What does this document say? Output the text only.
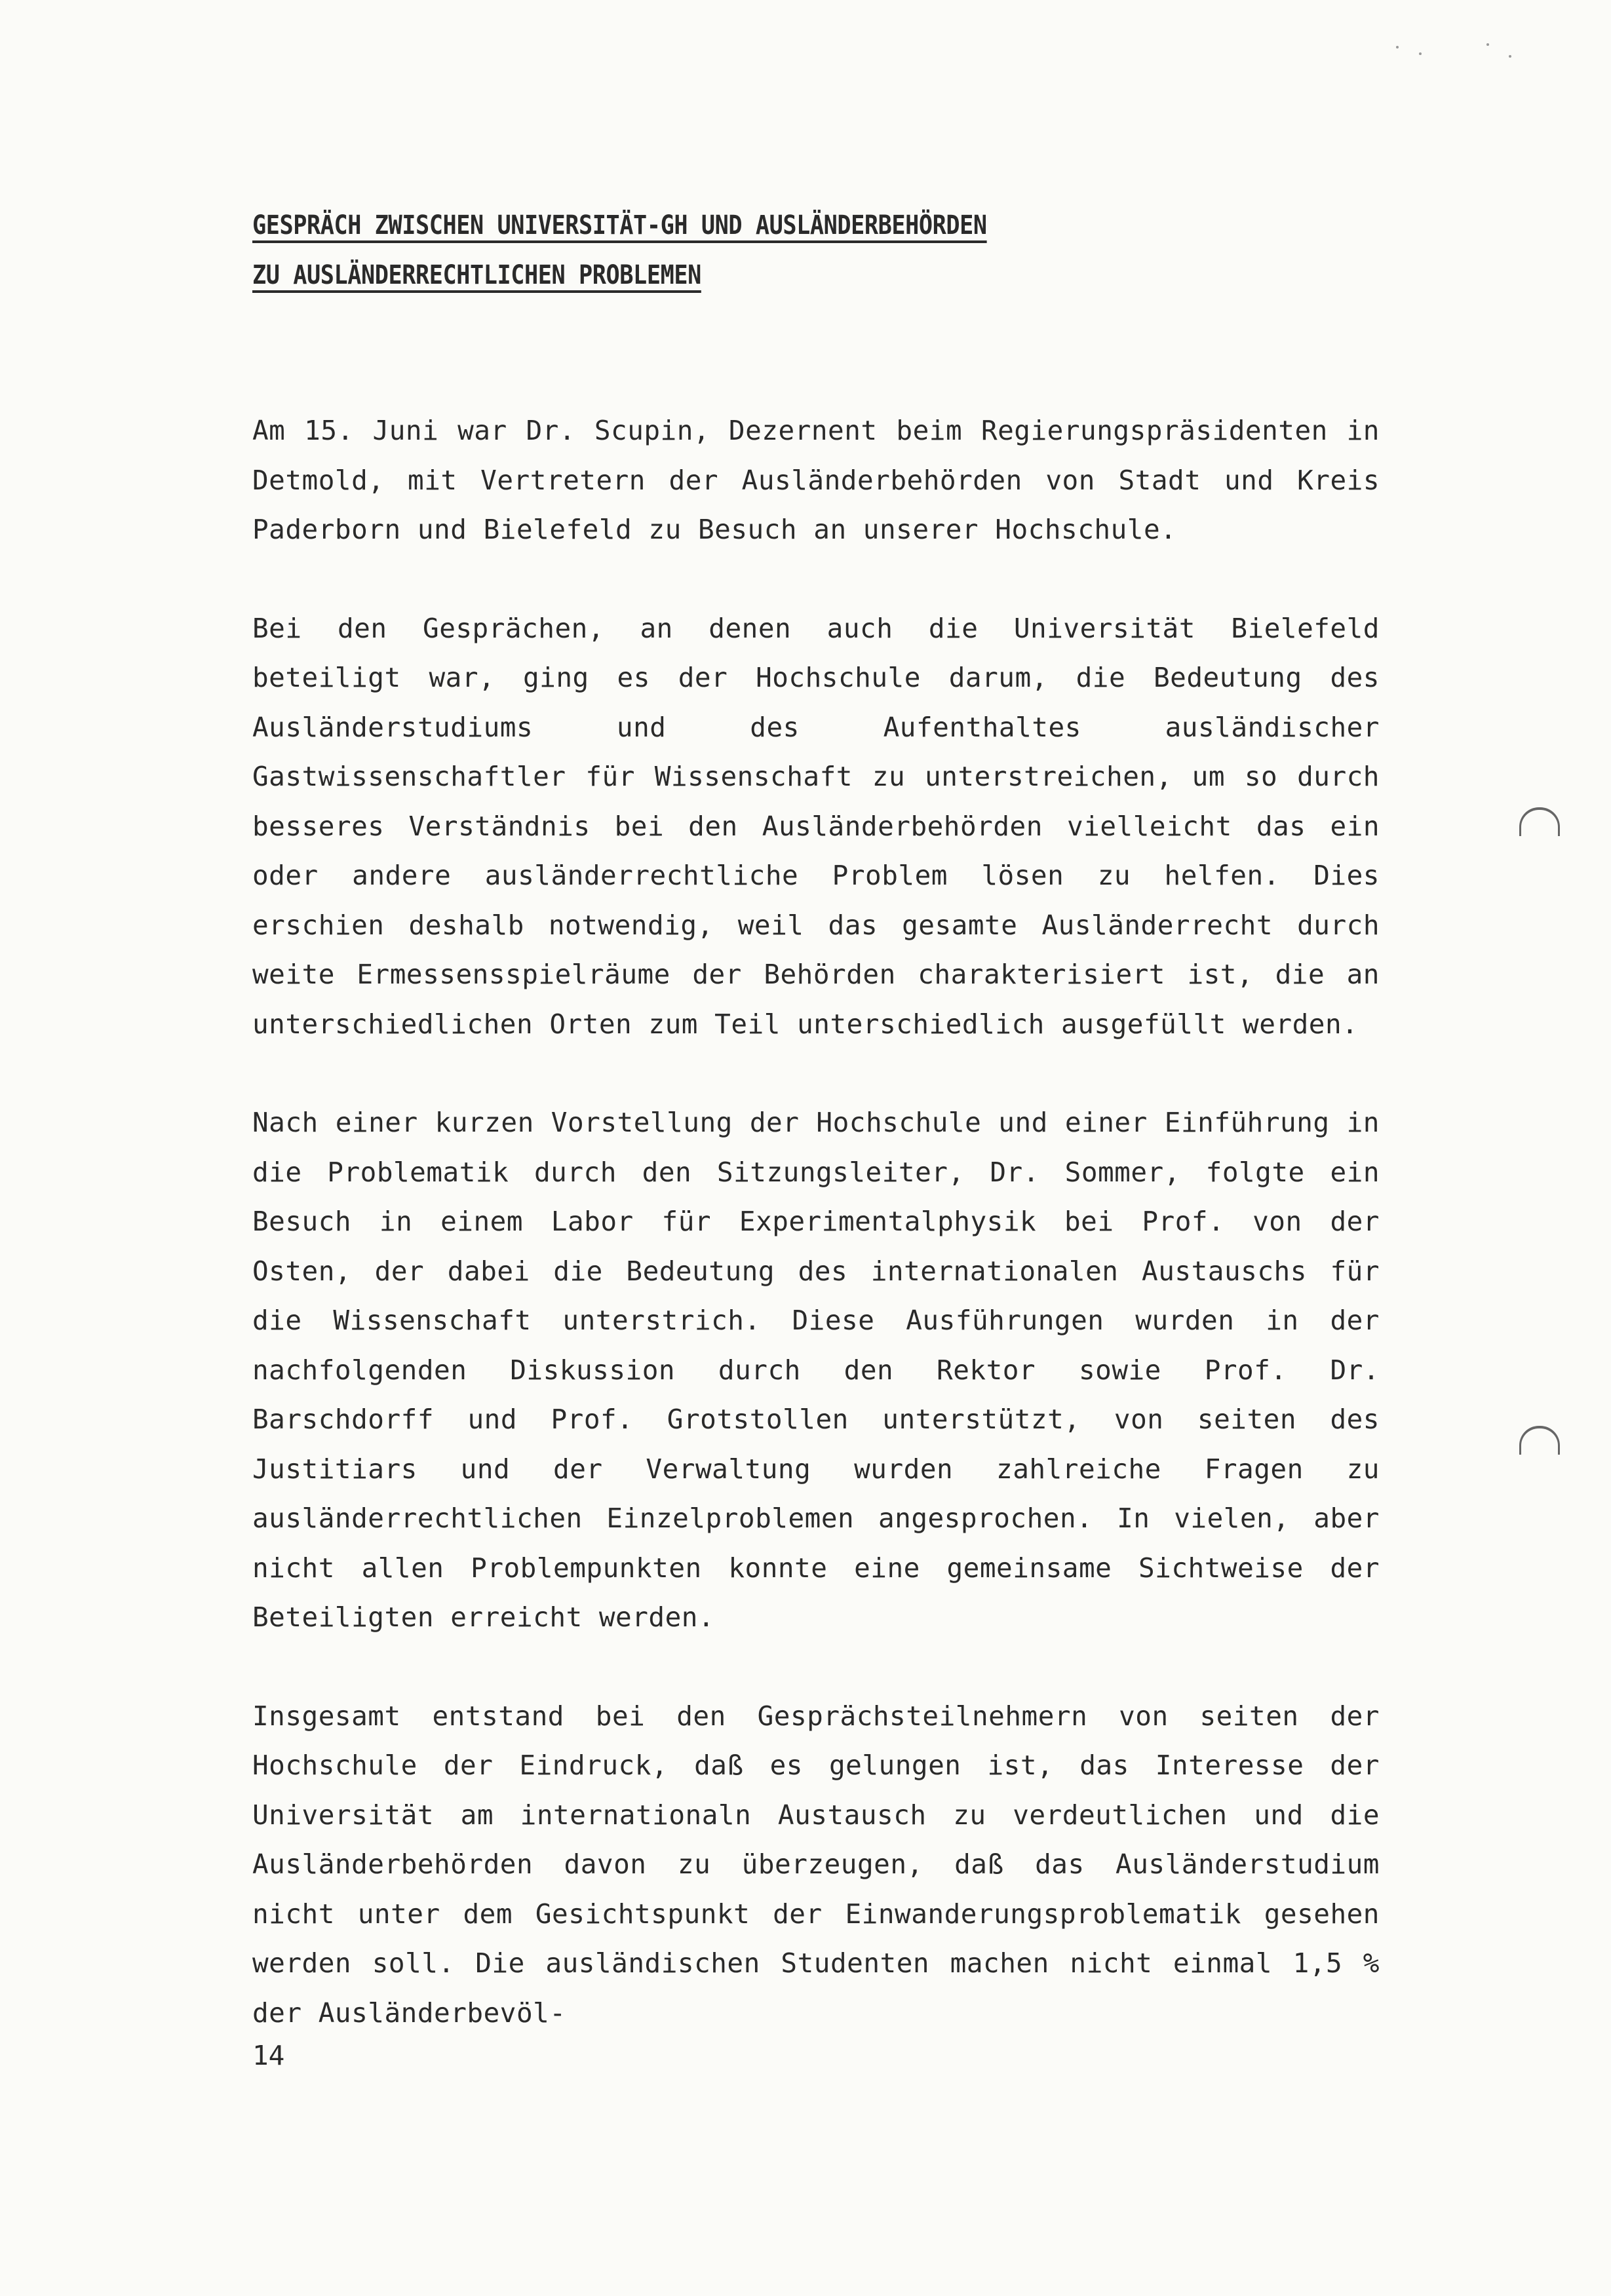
GESPRÄCH ZWISCHEN UNIVERSITÄT-GH UND AUSLÄNDERBEHÖRDEN
ZU AUSLÄNDERRECHTLICHEN PROBLEMEN

Am 15. Juni war Dr. Scupin, Dezernent beim Regierungspräsidenten in Detmold, mit Vertretern der Ausländerbehörden von Stadt und Kreis Paderborn und Bielefeld zu Besuch an unserer Hochschule.

Bei den Gesprächen, an denen auch die Universität Bielefeld beteiligt war, ging es der Hochschule darum, die Bedeutung des Ausländerstudiums und des Aufenthaltes ausländischer Gastwissenschaftler für Wissenschaft zu unterstreichen, um so durch besseres Verständnis bei den Ausländerbehörden vielleicht das ein oder andere ausländerrechtliche Problem lösen zu helfen. Dies erschien deshalb notwendig, weil das gesamte Ausländerrecht durch weite Ermessensspielräume der Behörden charakterisiert ist, die an unterschiedlichen Orten zum Teil unterschiedlich ausgefüllt werden.

Nach einer kurzen Vorstellung der Hochschule und einer Einführung in die Problematik durch den Sitzungsleiter, Dr. Sommer, folgte ein Besuch in einem Labor für Experimentalphysik bei Prof. von der Osten, der dabei die Bedeutung des internationalen Austauschs für die Wissenschaft unterstrich. Diese Ausführungen wurden in der nachfolgenden Diskussion durch den Rektor sowie Prof. Dr. Barschdorff und Prof. Grotstollen unterstützt, von seiten des Justitiars und der Verwaltung wurden zahlreiche Fragen zu ausländerrechtlichen Einzelproblemen angesprochen. In vielen, aber nicht allen Problempunkten konnte eine gemeinsame Sichtweise der Beteiligten erreicht werden.

Insgesamt entstand bei den Gesprächsteilnehmern von seiten der Hochschule der Eindruck, daß es gelungen ist, das Interesse der Universität am internationaln Austausch zu verdeutlichen und die Ausländerbehörden davon zu überzeugen, daß das Ausländerstudium nicht unter dem Gesichtspunkt der Einwanderungsproblematik gesehen werden soll. Die ausländischen Studenten machen nicht einmal 1,5 % der Ausländerbevöl-

14
